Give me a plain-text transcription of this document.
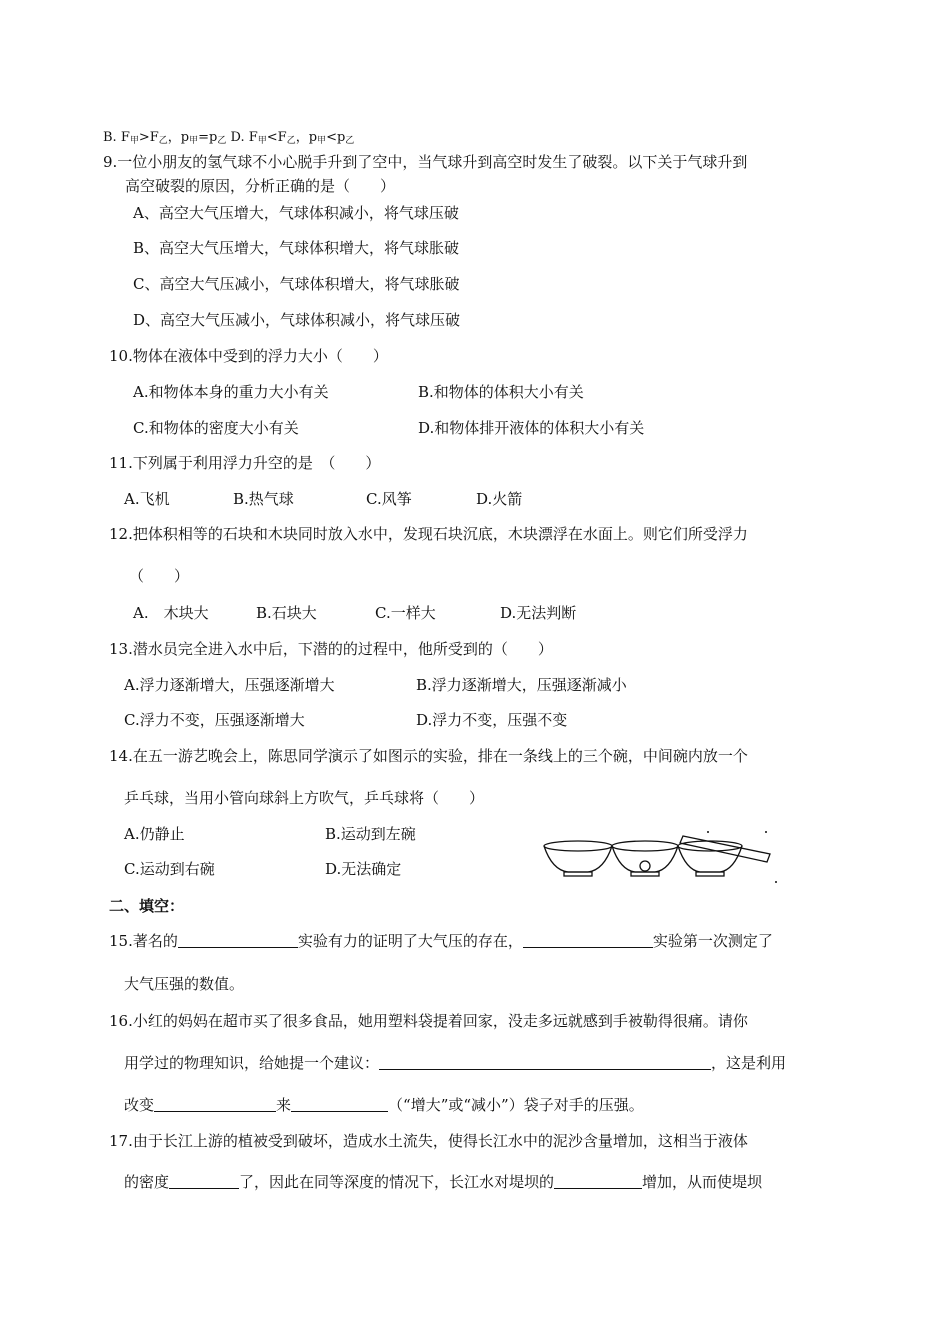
B. $F_甲>F_乙$，$p_甲=p_乙$ D. $F_甲<F_乙$，$p_甲<p_乙$
9.一位小朋友的氢气球不小心脱手升到了空中，当气球升到高空时发生了破裂。以下关于气球升到
高空破裂的原因，分析正确的是（　　）
A、高空大气压增大，气球体积减小，将气球压破
B、高空大气压增大，气球体积增大，将气球胀破
C、高空大气压减小，气球体积增大，将气球胀破
D、高空大气压减小，气球体积减小，将气球压破
10.物体在液体中受到的浮力大小（　　）
A.和物体本身的重力大小有关	B.和物体的体积大小有关
C.和物体的密度大小有关	D.和物体排开液体的体积大小有关
11.下列属于利用浮力升空的是　（　　）
A.飞机	B.热气球	C.风筝	D.火箭
12.把体积相等的石块和木块同时放入水中，发现石块沉底，木块漂浮在水面上。则它们所受浮力
（　　）
A.　木块大	B.石块大	C.一样大	D.无法判断
13.潜水员完全进入水中后，下潜的的过程中，他所受到的（　　）
A.浮力逐渐增大，压强逐渐增大	B.浮力逐渐增大，压强逐渐减小
C.浮力不变，压强逐渐增大	D.浮力不变，压强不变
14.在五一游艺晚会上，陈思同学演示了如图示的实验，排在一条线上的三个碗，中间碗内放一个
乒乓球，当用小管向球斜上方吹气，乒乓球将（　　）
A.仍静止	B.运动到左碗
C.运动到右碗	D.无法确定
二、填空：
15.著名的	实验有力的证明了大气压的存在，	实验第一次测定了
大气压强的数值。
16.小红的妈妈在超市买了很多食品，她用塑料袋提着回家，没走多远就感到手被勒得很痛。请你
用学过的物理知识，给她提一个建议：	，这是利用
改变	来	（“增大”或“减小”）袋子对手的压强。
17.由于长江上游的植被受到破坏，造成水土流失，使得长江水中的泥沙含量增加，这相当于液体
的密度	了，因此在同等深度的情况下，长江水对堤坝的	增加，从而使堤坝
